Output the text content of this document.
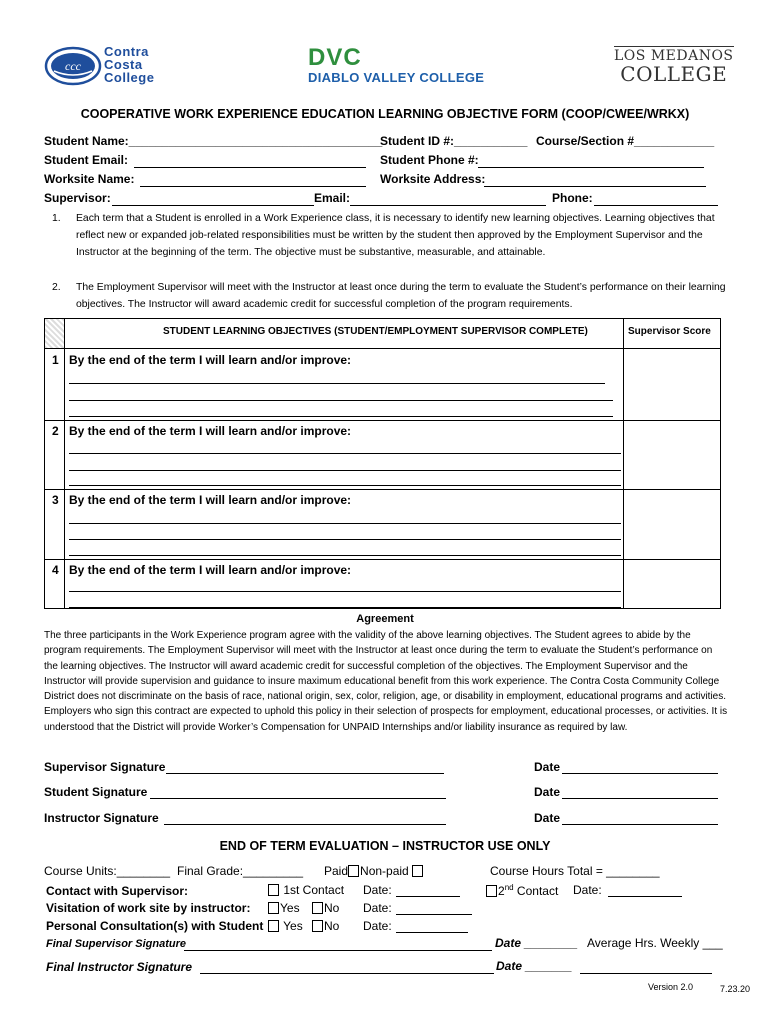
ccc
Contra
Costa
College
DVC
DIABLO VALLEY COLLEGE
LOS MEDANOS
COLLEGE
COOPERATIVE WORK EXPERIENCE EDUCATION LEARNING OBJECTIVE FORM (COOP/CWEE/WRKX)
Student Name:______________________________________
Student ID #:___________ Course/Section #____________
Student Email:	Student Phone #:
Worksite Name:	Worksite Address:
Supervisor:	Email:	Phone:
1. Each term that a Student is enrolled in a Work Experience class, it is necessary to identify new learning objectives. Learning objectives that reflect new or expanded job-related responsibilities must be written by the student then approved by the Employment Supervisor and the Instructor at the beginning of the term. The objective must be substantive, measurable, and attainable.
2. The Employment Supervisor will meet with the Instructor at least once during the term to evaluate the Student’s performance on their learning objectives. The Instructor will award academic credit for successful completion of the program requirements.
STUDENT LEARNING OBJECTIVES (STUDENT/EMPLOYMENT SUPERVISOR COMPLETE)	Supervisor Score
1 By the end of the term I will learn and/or improve:
2 By the end of the term I will learn and/or improve:
3 By the end of the term I will learn and/or improve:
4 By the end of the term I will learn and/or improve:
Agreement
The three participants in the Work Experience program agree with the validity of the above learning objectives. The Student agrees to abide by the program requirements. The Employment Supervisor will meet with the Instructor at least once during the term to evaluate the Student’s performance on the learning objectives. The Instructor will award academic credit for successful completion of the objectives. The Employment Supervisor and the Instructor will provide supervision and guidance to insure maximum educational benefit from this work experience. The Contra Costa Community College District does not discriminate on the basis of race, national origin, sex, color, religion, age, or disability in employment, educational programs and activities. Employers who sign this contract are expected to uphold this policy in their selection of prospects for employment, educational processes, or activities. It is understood that the District will provide Worker’s Compensation for UNPAID Internships and/or liability insurance as required by law.
Supervisor Signature	Date
Student Signature	Date
Instructor Signature	Date
END OF TERM EVALUATION – INSTRUCTOR USE ONLY
Course Units:________ Final Grade:_________ Paid Non-paid	Course Hours Total = ________
Contact with Supervisor:	1st Contact Date:	2nd Contact Date:
Visitation of work site by instructor:	Yes	No Date:
Personal Consultation(s) with Student	Yes	No Date:
Final Supervisor Signature	Date ________ Average Hrs. Weekly ___
Final Instructor Signature	Date _______
Version 2.0	7.23.20
